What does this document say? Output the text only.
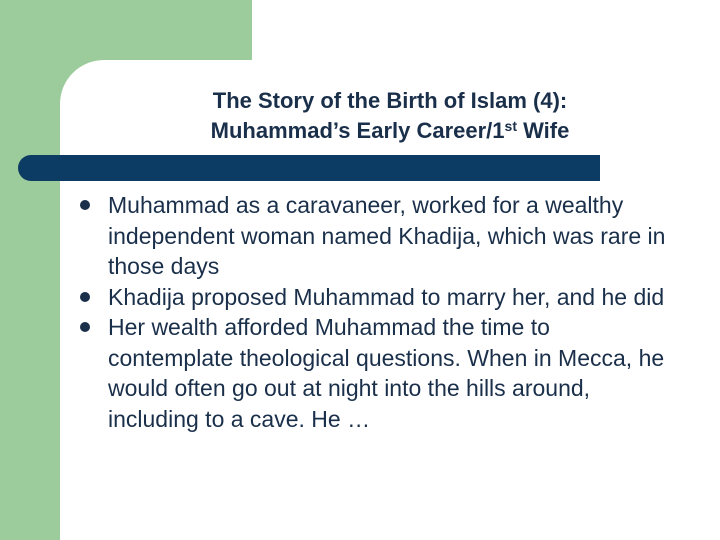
The Story of the Birth of Islam (4):
Muhammad’s Early Career/1st Wife
Muhammad as a caravaneer, worked for a wealthy independent woman named Khadija, which was rare in those days
Khadija proposed Muhammad to marry her, and he did
Her wealth afforded Muhammad the time to contemplate theological questions. When in Mecca, he would often go out at night into the hills around, including to a cave. He …
